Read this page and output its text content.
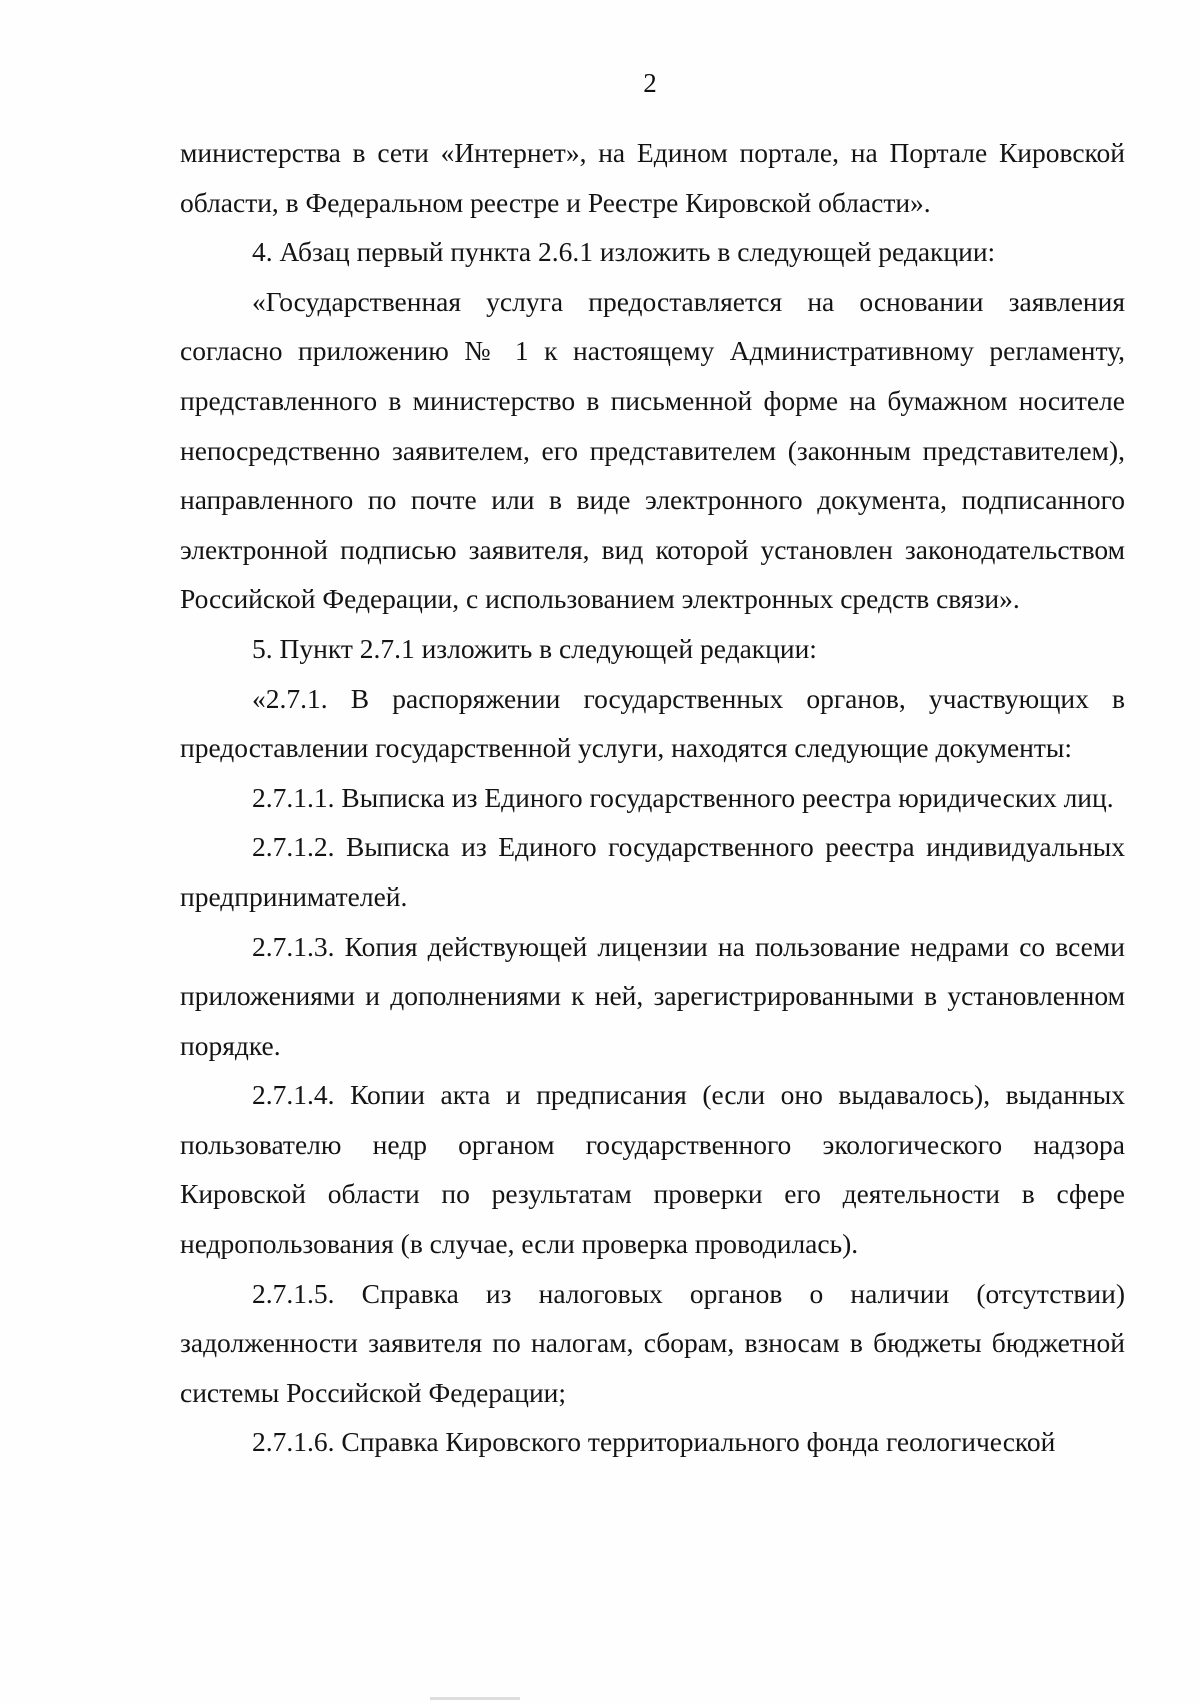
2

министерства в сети «Интернет», на Едином портале, на Портале Кировской области, в Федеральном реестре и Реестре Кировской области».

4. Абзац первый пункта 2.6.1 изложить в следующей редакции:

«Государственная услуга предоставляется на основании заявления согласно приложению № 1 к настоящему Административному регламенту, представленного в министерство в письменной форме на бумажном носителе непосредственно заявителем, его представителем (законным представителем), направленного по почте или в виде электронного документа, подписанного электронной подписью заявителя, вид которой установлен законодательством Российской Федерации, с использованием электронных средств связи».

5. Пункт 2.7.1 изложить в следующей редакции:

«2.7.1. В распоряжении государственных органов, участвующих в предоставлении государственной услуги, находятся следующие документы:

2.7.1.1. Выписка из Единого государственного реестра юридических лиц.

2.7.1.2. Выписка из Единого государственного реестра индивидуальных предпринимателей.

2.7.1.3. Копия действующей лицензии на пользование недрами со всеми приложениями и дополнениями к ней, зарегистрированными в установленном порядке.

2.7.1.4. Копии акта и предписания (если оно выдавалось), выданных пользователю недр органом государственного экологического надзора Кировской области по результатам проверки его деятельности в сфере недропользования (в случае, если проверка проводилась).

2.7.1.5. Справка из налоговых органов о наличии (отсутствии) задолженности заявителя по налогам, сборам, взносам в бюджеты бюджетной системы Российской Федерации;

2.7.1.6. Справка Кировского территориального фонда геологической
